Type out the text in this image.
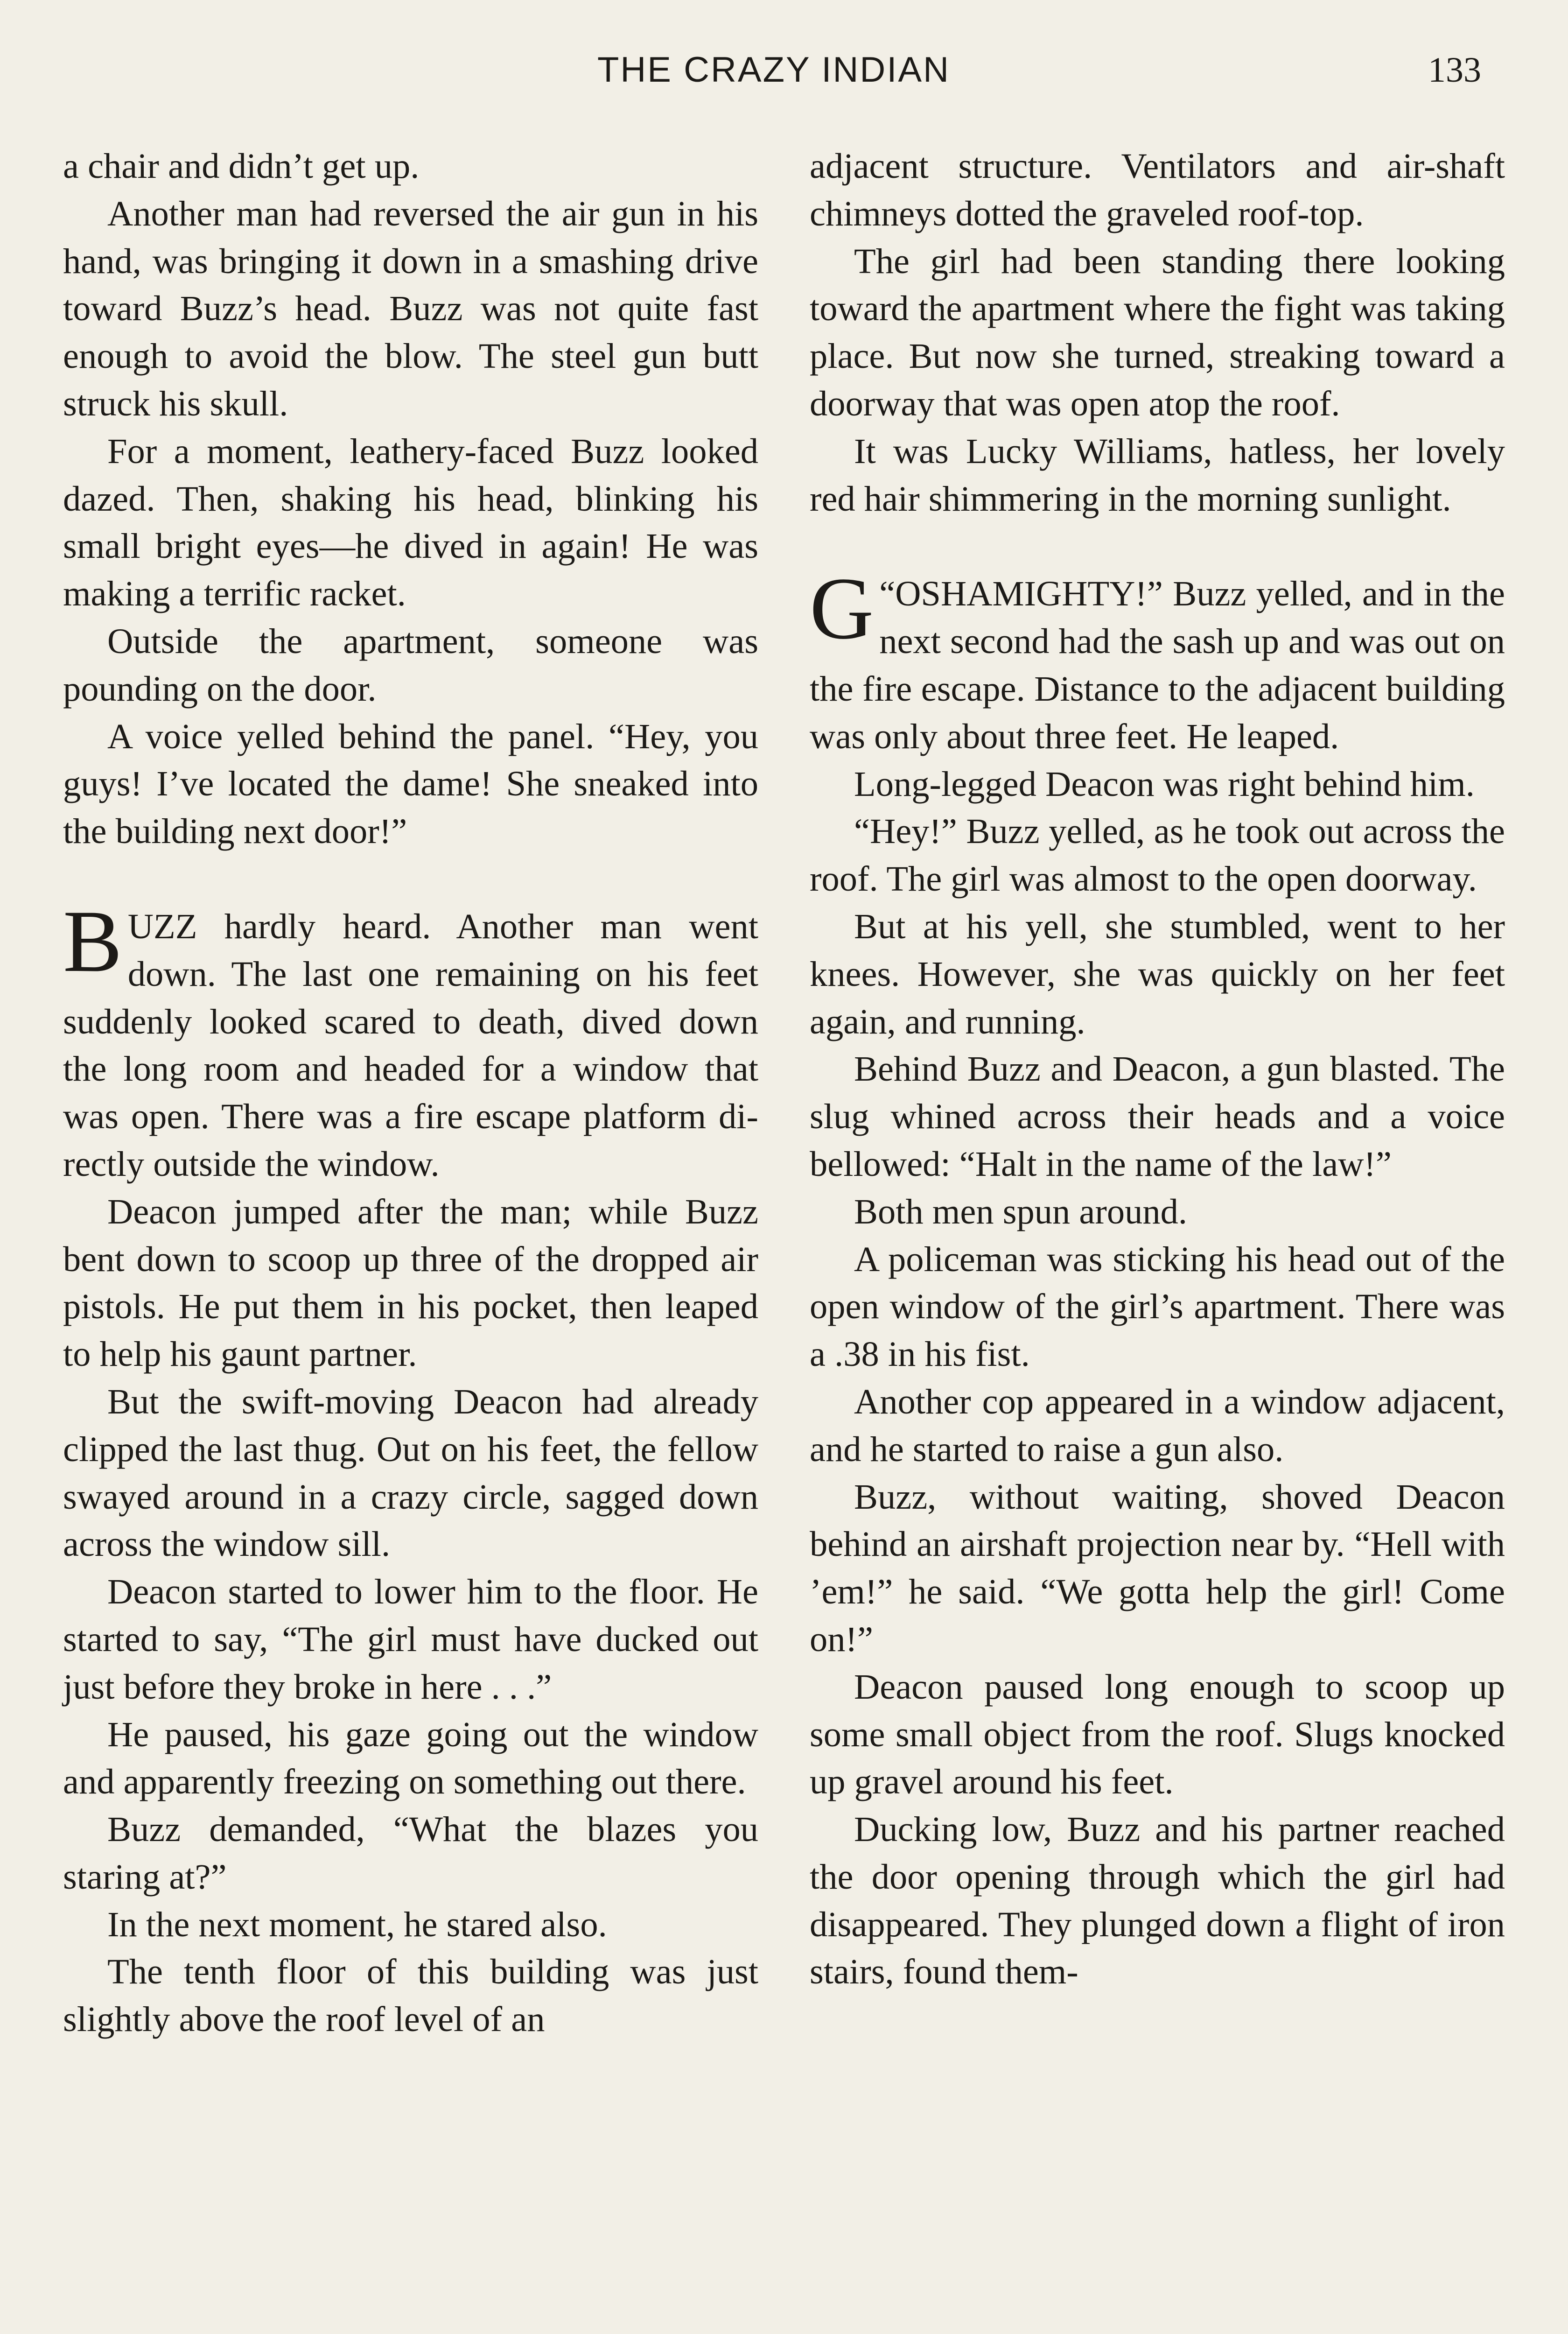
THE CRAZY INDIAN	133

a chair and didn’t get up.

Another man had reversed the air gun in his hand, was bringing it down in a smashing drive toward Buzz’s head. Buzz was not quite fast enough to avoid the blow. The steel gun butt struck his skull.

For a moment, leathery-faced Buzz looked dazed. Then, shaking his head, blinking his small bright eyes—he dived in again! He was making a terrific racket.

Outside the apartment, someone was pounding on the door.

A voice yelled behind the panel. “Hey, you guys! I’ve located the dame! She sneaked into the building next door!”

BUZZ hardly heard. Another man went down. The last one remaining on his feet suddenly looked scared to death, dived down the long room and headed for a window that was open. There was a fire escape platform directly outside the window.

Deacon jumped after the man; while Buzz bent down to scoop up three of the dropped air pistols. He put them in his pocket, then leaped to help his gaunt partner.

But the swift-moving Deacon had already clipped the last thug. Out on his feet, the fellow swayed around in a crazy circle, sagged down across the window sill.

Deacon started to lower him to the floor. He started to say, “The girl must have ducked out just before they broke in here . . .”

He paused, his gaze going out the window and apparently freezing on something out there.

Buzz demanded, “What the blazes you staring at?”

In the next moment, he stared also.

The tenth floor of this building was just slightly above the roof level of an

adjacent structure. Ventilators and air-shaft chimneys dotted the graveled roof-top.

The girl had been standing there looking toward the apartment where the fight was taking place. But now she turned, streaking toward a doorway that was open atop the roof.

It was Lucky Williams, hatless, her lovely red hair shimmering in the morning sunlight.

“
G OSHAMIGHTY!” Buzz yelled, and in the next second had the sash up and was out on the fire escape. Distance to the adjacent building was only about three feet. He leaped.

Long-legged Deacon was right behind him.

“Hey!” Buzz yelled, as he took out across the roof. The girl was almost to the open doorway.

But at his yell, she stumbled, went to her knees. However, she was quickly on her feet again, and running.

Behind Buzz and Deacon, a gun blasted. The slug whined across their heads and a voice bellowed: “Halt in the name of the law!”

Both men spun around.

A policeman was sticking his head out of the open window of the girl’s apartment. There was a .38 in his fist.

Another cop appeared in a window adjacent, and he started to raise a gun also.

Buzz, without waiting, shoved Deacon behind an airshaft projection near by. “Hell with ’em!” he said. “We gotta help the girl! Come on!”

Deacon paused long enough to scoop up some small object from the roof. Slugs knocked up gravel around his feet.

Ducking low, Buzz and his partner reached the door opening through which the girl had disappeared. They plunged down a flight of iron stairs, found them-
